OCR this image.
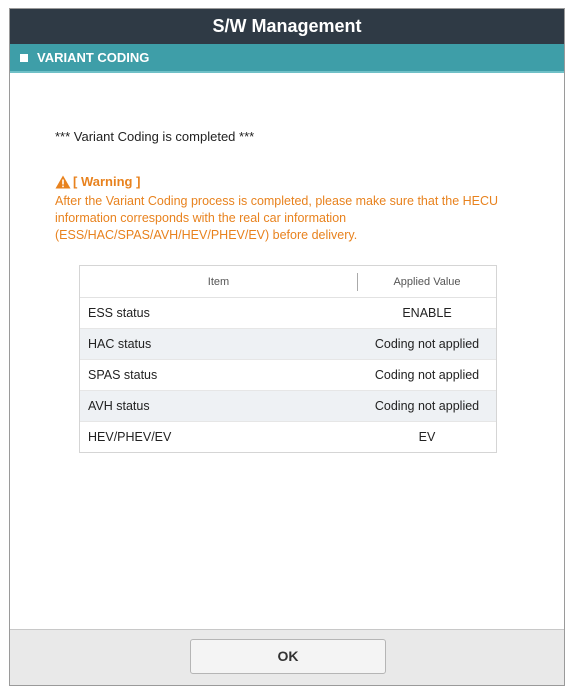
S/W Management
VARIANT CODING
*** Variant Coding is completed ***
[ Warning ]
After the Variant Coding process is completed, please make sure that the HECU information corresponds with the real car information (ESS/HAC/SPAS/AVH/HEV/PHEV/EV) before delivery.
Item	Applied Value
ESS status	ENABLE
HAC status	Coding not applied
SPAS status	Coding not applied
AVH status	Coding not applied
HEV/PHEV/EV	EV
OK
